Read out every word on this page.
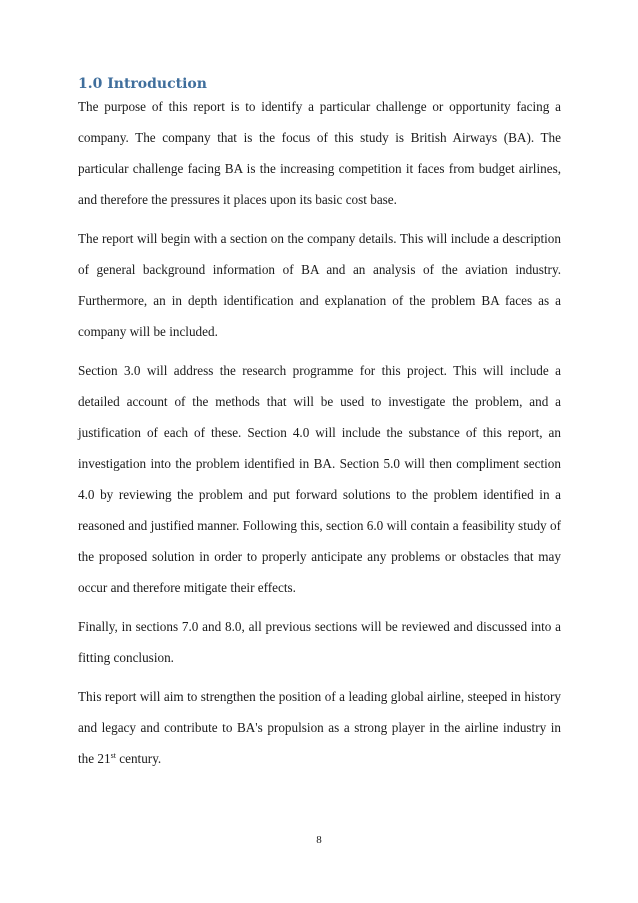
1.0 Introduction

The purpose of this report is to identify a particular challenge or opportunity facing a company. The company that is the focus of this study is British Airways (BA). The particular challenge facing BA is the increasing competition it faces from budget airlines, and therefore the pressures it places upon its basic cost base.

The report will begin with a section on the company details. This will include a description of general background information of BA and an analysis of the aviation industry. Furthermore, an in depth identification and explanation of the problem BA faces as a company will be included.

Section 3.0 will address the research programme for this project. This will include a detailed account of the methods that will be used to investigate the problem, and a justification of each of these. Section 4.0 will include the substance of this report, an investigation into the problem identified in BA. Section 5.0 will then compliment section 4.0 by reviewing the problem and put forward solutions to the problem identified in a reasoned and justified manner. Following this, section 6.0 will contain a feasibility study of the proposed solution in order to properly anticipate any problems or obstacles that may occur and therefore mitigate their effects.

Finally, in sections 7.0 and 8.0, all previous sections will be reviewed and discussed into a fitting conclusion.

This report will aim to strengthen the position of a leading global airline, steeped in history and legacy and contribute to BA's propulsion as a strong player in the airline industry in the 21st century.

8
